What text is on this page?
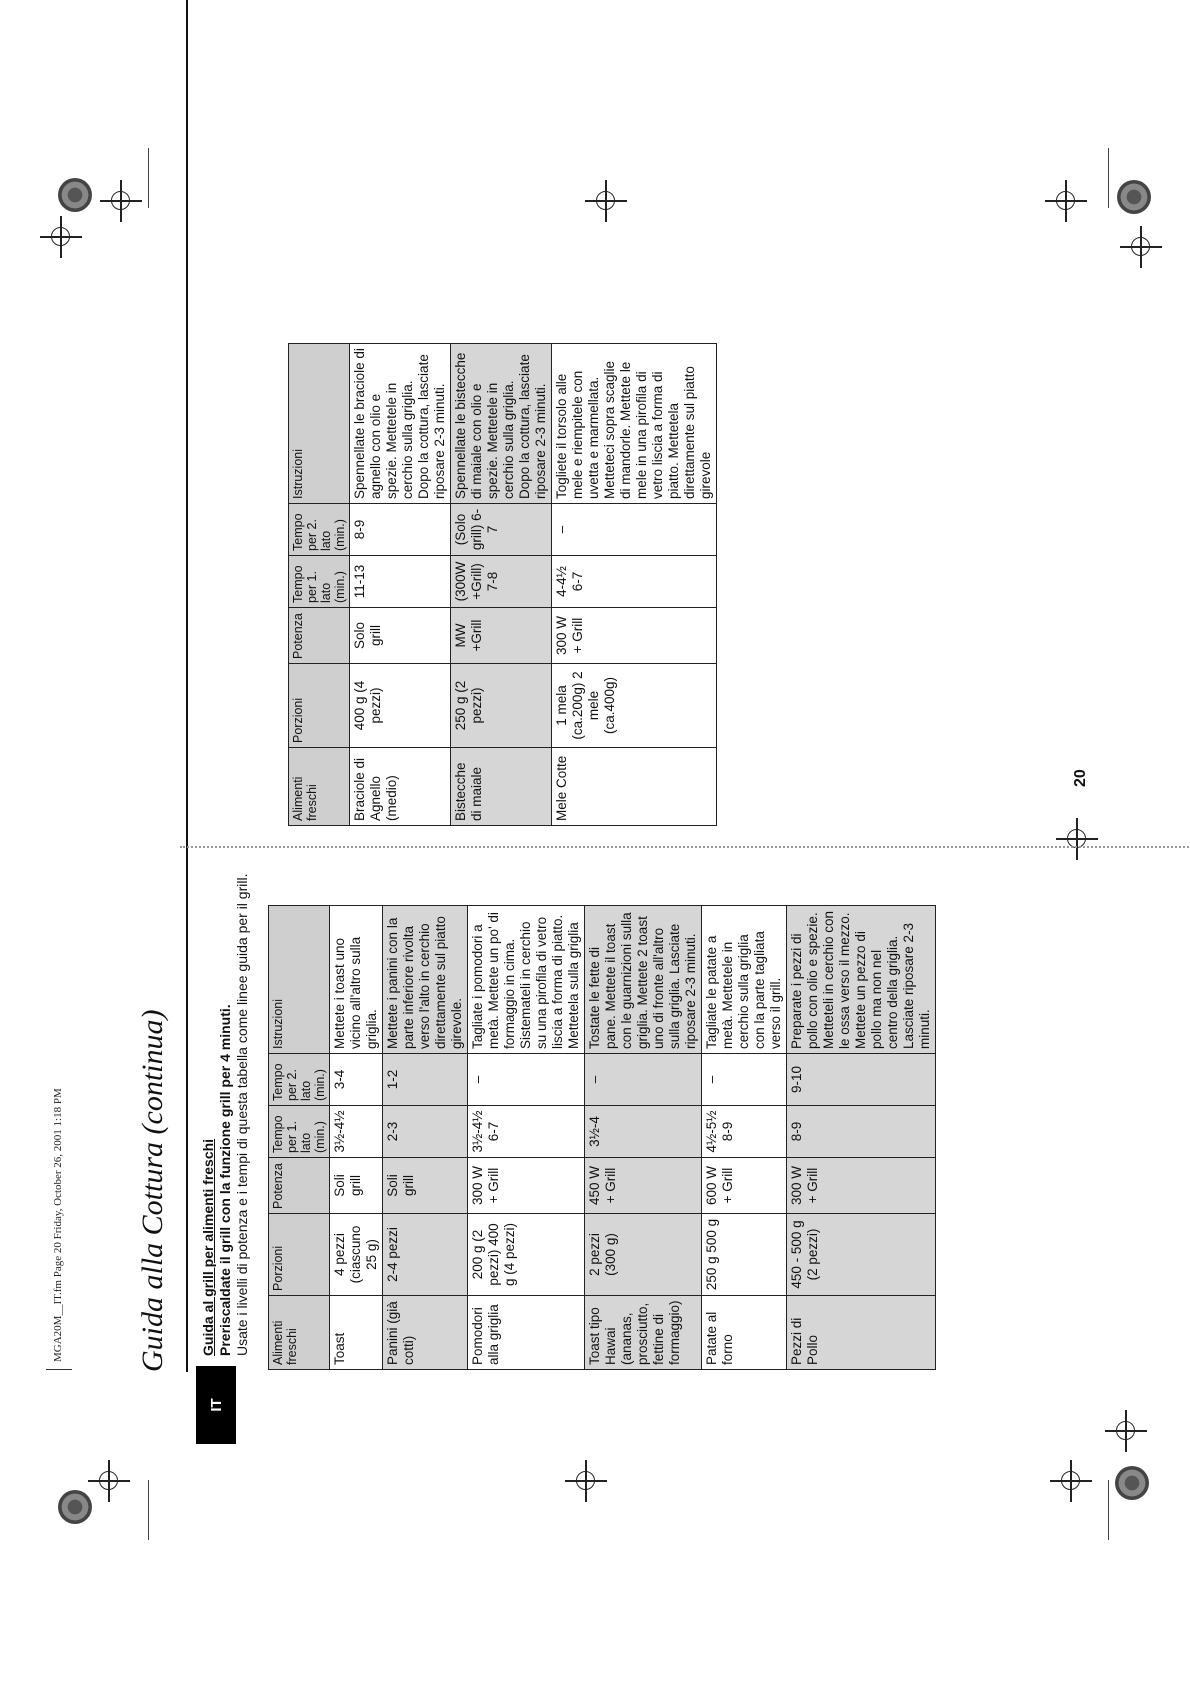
MGA20M__IT.fm Page 20 Friday, October 26, 2001 1:18 PM
IT
Guida alla Cottura (continua) Guida al grill per alimenti freschi Preriscaldate il grill con la funzione grill per 4 minuti. Usate i livelli di potenza e i tempi di questa tabella come linee guida per il grill. Alimenti freschi	Porzioni	Potenza	Tempo per 1. lato (min.)	Tempo per 2. lato (min.)	Istruzioni
Toast	4 pezzi (ciascuno 25 g)	Soli grill	3½-4½	3-4	Mettete i toast uno vicino all'altro sulla griglia.
Panini (già cotti)	2-4 pezzi	Soli grill	2-3	1-2	Mettete i panini con la parte inferiore rivolta verso l'alto in cerchio direttamente sul piatto girevole.
Pomodori alla griglia	200 g (2 pezzi) 400 g (4 pezzi)	300 W + Grill	3½-4½ 6-7	–	Tagliate i pomodori a metà. Mettete un po' di formaggio in cima. Sistemateli in cerchio su una pirofila di vetro liscia a forma di piatto. Mettetela sulla griglia
Toast tipo Hawai (ananas, prosciutto, fettine di formaggio)	2 pezzi (300 g)	450 W + Grill	3½-4	–	Tostate le fette di pane. Mettete il toast con le guarnizioni sulla griglia. Mettete 2 toast uno di fronte all'altro sulla griglia. Lasciate riposare 2-3 minuti.
Patate al forno	250 g 500 g	600 W + Grill	4½-5½ 8-9	–	Tagliate le patate a metà. Mettetele in cerchio sulla griglia con la parte tagliata verso il grill.
Pezzi di Pollo	450 - 500 g (2 pezzi)	300 W + Grill	8-9	9-10	Preparate i pezzi di pollo con olio e spezie. Metteteli in cerchio con le ossa verso il mezzo. Mettete un pezzo di pollo ma non nel centro della griglia. Lasciate riposare 2-3 minuti.
Alimenti freschi	Porzioni	Potenza	Tempo per 1. lato (min.)	Tempo per 2. lato (min.)	Istruzioni
Braciole di Agnello (medio)	400 g (4 pezzi)	Solo grill	11-13	8-9	Spennellate le braciole di agnello con olio e spezie. Mettetele in cerchio sulla griglia. Dopo la cottura, lasciate riposare 2-3 minuti.
Bistecche di maiale	250 g (2 pezzi)	MW +Grill	(300W +Grill) 7-8	(Solo grill) 6-7	Spennellate le bistecche di maiale con olio e spezie. Mettetele in cerchio sulla griglia. Dopo la cottura, lasciate riposare 2-3 minuti.
Mele Cotte	1 mela (ca.200g) 2 mele (ca.400g)	300 W + Grill	4-4½ 6-7	–	Togliete il torsolo alle mele e riempitele con uvetta e marmellata. Metteteci sopra scaglie di mandorle. Mettete le mele in una pirofila di vetro liscia a forma di piatto. Mettetela direttamente sul piatto girevole
20
